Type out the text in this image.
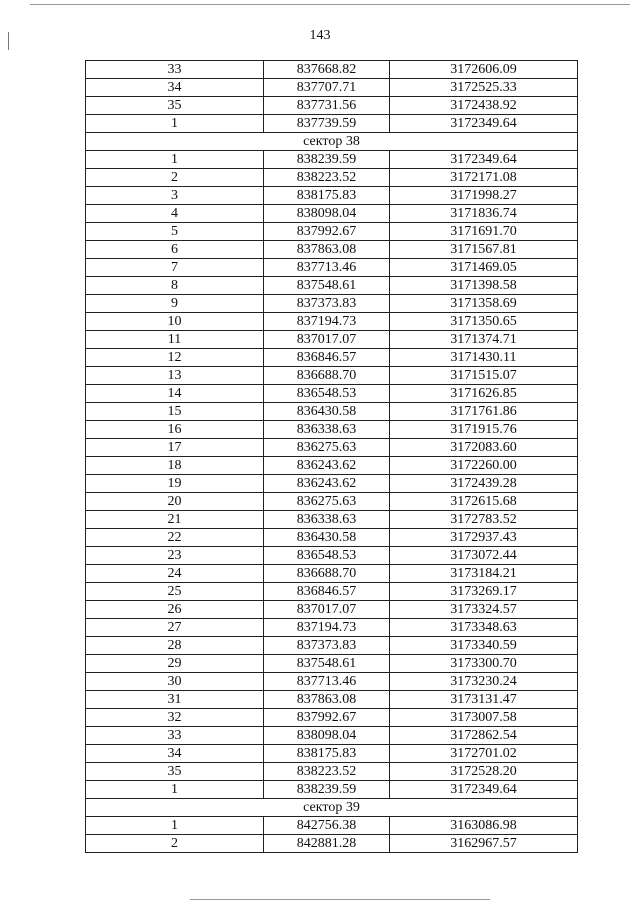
143
33	837668.82	3172606.09
34	837707.71	3172525.33
35	837731.56	3172438.92
1	837739.59	3172349.64
сектор 38		
1	838239.59	3172349.64
2	838223.52	3172171.08
3	838175.83	3171998.27
4	838098.04	3171836.74
5	837992.67	3171691.70
6	837863.08	3171567.81
7	837713.46	3171469.05
8	837548.61	3171398.58
9	837373.83	3171358.69
10	837194.73	3171350.65
11	837017.07	3171374.71
12	836846.57	3171430.11
13	836688.70	3171515.07
14	836548.53	3171626.85
15	836430.58	3171761.86
16	836338.63	3171915.76
17	836275.63	3172083.60
18	836243.62	3172260.00
19	836243.62	3172439.28
20	836275.63	3172615.68
21	836338.63	3172783.52
22	836430.58	3172937.43
23	836548.53	3173072.44
24	836688.70	3173184.21
25	836846.57	3173269.17
26	837017.07	3173324.57
27	837194.73	3173348.63
28	837373.83	3173340.59
29	837548.61	3173300.70
30	837713.46	3173230.24
31	837863.08	3173131.47
32	837992.67	3173007.58
33	838098.04	3172862.54
34	838175.83	3172701.02
35	838223.52	3172528.20
1	838239.59	3172349.64
сектор 39		
1	842756.38	3163086.98
2	842881.28	3162967.57
